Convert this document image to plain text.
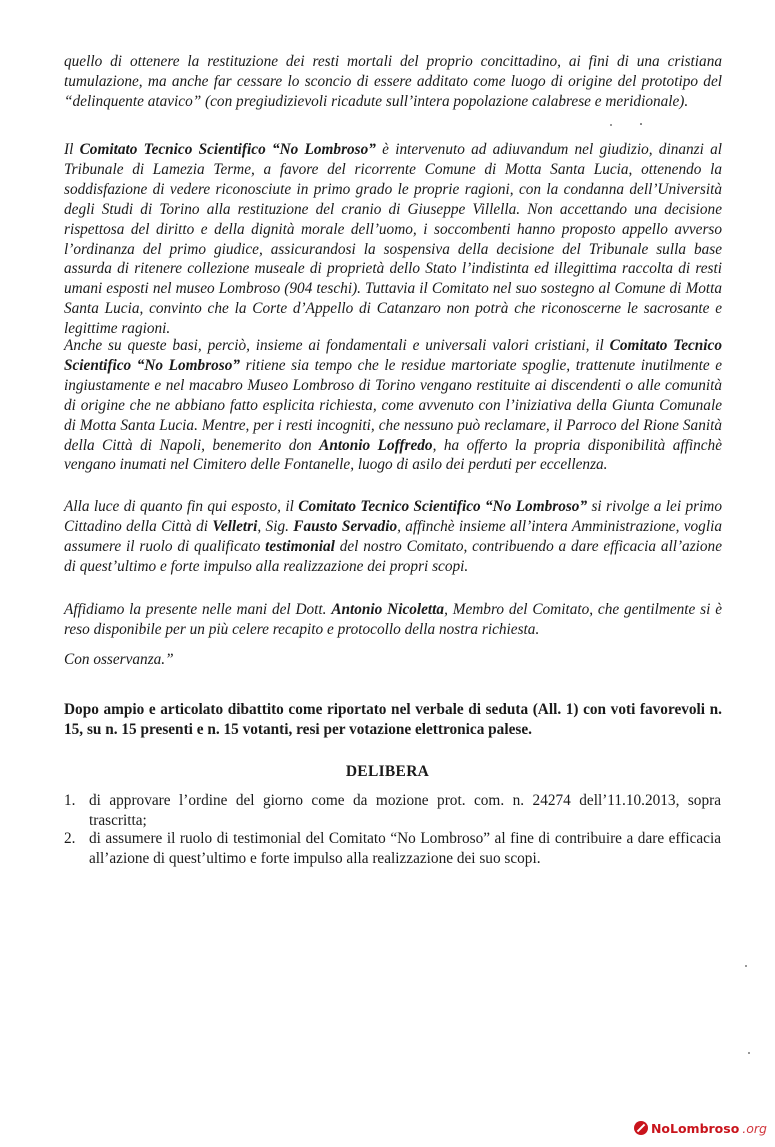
quello di ottenere la restituzione dei resti mortali del proprio concittadino, ai fini di una cristiana tumulazione, ma anche far cessare lo sconcio di essere additato come luogo di origine del prototipo del “delinquente atavico” (con pregiudizievoli ricadute sull’intera popolazione calabrese e meridionale).

Il Comitato Tecnico Scientifico “No Lombroso” è intervenuto ad adiuvandum nel giudizio, dinanzi al Tribunale di Lamezia Terme, a favore del ricorrente Comune di Motta Santa Lucia, ottenendo la soddisfazione di vedere riconosciute in primo grado le proprie ragioni, con la condanna dell’Università degli Studi di Torino alla restituzione del cranio di Giuseppe Villella. Non accettando una decisione rispettosa del diritto e della dignità morale dell’uomo, i soccombenti hanno proposto appello avverso l’ordinanza del primo giudice, assicurandosi la sospensiva della decisione del Tribunale sulla base assurda di ritenere collezione museale di proprietà dello Stato l’indistinta ed illegittima raccolta di resti umani esposti nel museo Lombroso (904 teschi). Tuttavia il Comitato nel suo sostegno al Comune di Motta Santa Lucia, convinto che la Corte d’Appello di Catanzaro non potrà che riconoscerne le sacrosante e legittime ragioni.

Anche su queste basi, perciò, insieme ai fondamentali e universali valori cristiani, il Comitato Tecnico Scientifico “No Lombroso” ritiene sia tempo che le residue martoriate spoglie, trattenute inutilmente e ingiustamente e nel macabro Museo Lombroso di Torino vengano restituite ai discendenti o alle comunità di origine che ne abbiano fatto esplicita richiesta, come avvenuto con l’iniziativa della Giunta Comunale di Motta Santa Lucia. Mentre, per i resti incogniti, che nessuno può reclamare, il Parroco del Rione Sanità della Città di Napoli, benemerito don Antonio Loffredo, ha offerto la propria disponibilità affinchè vengano inumati nel Cimitero delle Fontanelle, luogo di asilo dei perduti per eccellenza.

Alla luce di quanto fin qui esposto, il Comitato Tecnico Scientifico “No Lombroso” si rivolge a lei primo Cittadino della Città di Velletri, Sig. Fausto Servadio, affinchè insieme all’intera Amministrazione, voglia assumere il ruolo di qualificato testimonial del nostro Comitato, contribuendo a dare efficacia all’azione di quest’ultimo e forte impulso alla realizzazione dei propri scopi.

Affidiamo la presente nelle mani del Dott. Antonio Nicoletta, Membro del Comitato, che gentilmente si è reso disponibile per un più celere recapito e protocollo della nostra richiesta.

Con osservanza.”

Dopo ampio e articolato dibattito come riportato nel verbale di seduta (All. 1) con voti favorevoli n. 15, su n. 15 presenti e n. 15 votanti, resi per votazione elettronica palese.

DELIBERA
1. di approvare l’ordine del giorno come da mozione prot. com. n. 24274 dell’11.10.2013, sopra trascritta;
2. di assumere il ruolo di testimonial del Comitato “No Lombroso” al fine di contribuire a dare efficacia all’azione di quest’ultimo e forte impulso alla realizzazione dei suo scopi.
NoLombroso .org
